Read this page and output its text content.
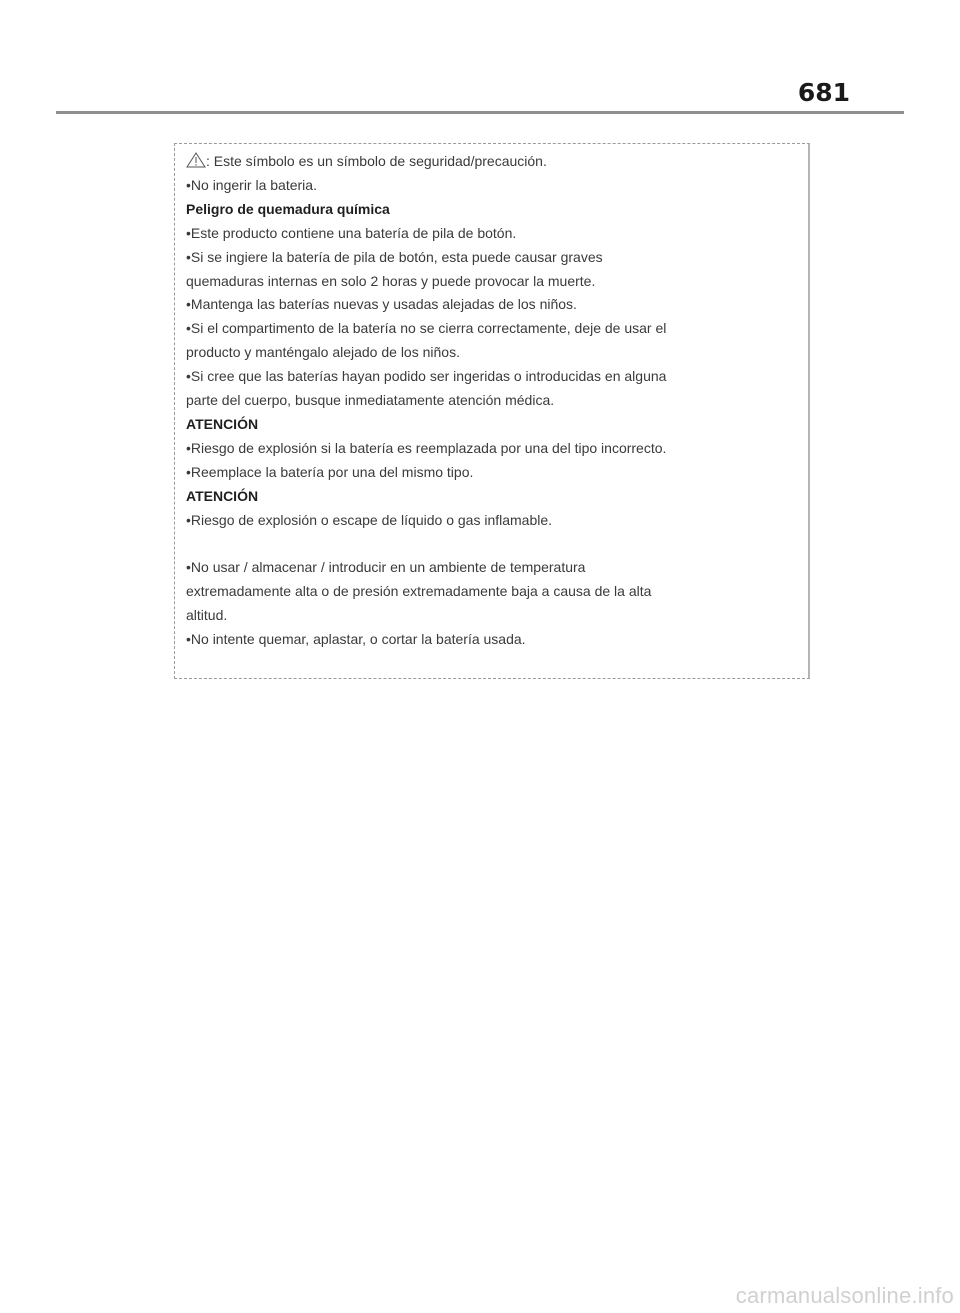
681
: Este símbolo es un símbolo de seguridad/precaución.
•No ingerir la bateria.
Peligro de quemadura química
•Este producto contiene una batería de pila de botón.
•Si se ingiere la batería de pila de botón, esta puede causar graves
quemaduras internas en solo 2 horas y puede provocar la muerte.
•Mantenga las baterías nuevas y usadas alejadas de los niños.
•Si el compartimento de la batería no se cierra correctamente, deje de usar el
producto y manténgalo alejado de los niños.
•Si cree que las baterías hayan podido ser ingeridas o introducidas en alguna
parte del cuerpo, busque inmediatamente atención médica.
ATENCIÓN
•Riesgo de explosión si la batería es reemplazada por una del tipo incorrecto.
•Reemplace la batería por una del mismo tipo.
ATENCIÓN
•Riesgo de explosión o escape de líquido o gas inflamable.
•No usar / almacenar / introducir en un ambiente de temperatura
extremadamente alta o de presión extremadamente baja a causa de la alta
altitud.
•No intente quemar, aplastar, o cortar la batería usada.
carmanualsonline.info
